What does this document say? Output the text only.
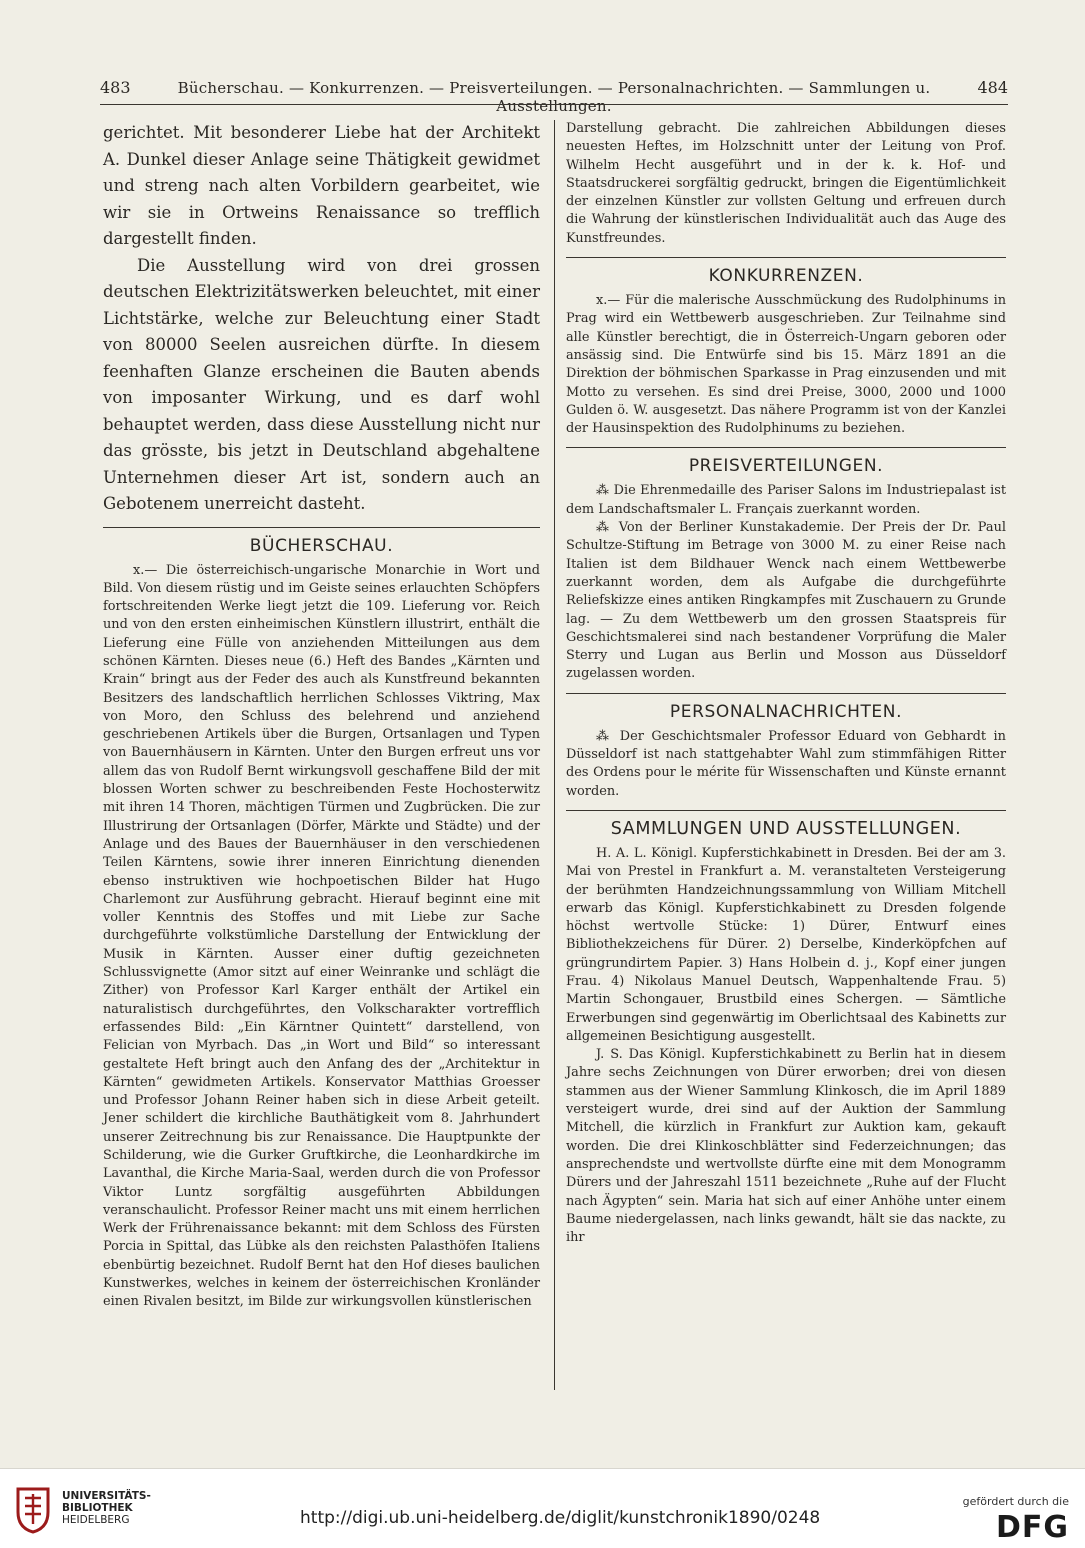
483	Bücherschau. — Konkurrenzen. — Preisverteilungen. — Personalnachrichten. — Sammlungen u. Ausstellungen.
484

gerichtet. Mit besonderer Liebe hat der Architekt A. Dunkel dieser Anlage seine Thätigkeit gewidmet und streng nach alten Vorbildern gearbeitet, wie wir sie in Ortweins Renaissance so trefflich dargestellt finden.

Die Ausstellung wird von drei grossen deutschen Elektrizitätswerken beleuchtet, mit einer Lichtstärke, welche zur Beleuchtung einer Stadt von 80000 Seelen ausreichen dürfte. In diesem feenhaften Glanze erscheinen die Bauten abends von imposanter Wirkung, und es darf wohl behauptet werden, dass diese Ausstellung nicht nur das grösste, bis jetzt in Deutschland abgehaltene Unternehmen dieser Art ist, sondern auch an Gebotenem unerreicht dasteht.

BÜCHERSCHAU.

x.— Die österreichisch-ungarische Monarchie in Wort und Bild. Von diesem rüstig und im Geiste seines erlauchten Schöpfers fortschreitenden Werke liegt jetzt die 109. Lieferung vor. Reich und von den ersten einheimischen Künstlern illustrirt, enthält die Lieferung eine Fülle von anziehenden Mitteilungen aus dem schönen Kärnten. Dieses neue (6.) Heft des Bandes „Kärnten und Krain“ bringt aus der Feder des auch als Kunstfreund bekannten Besitzers des landschaftlich herrlichen Schlosses Viktring, Max von Moro, den Schluss des belehrend und anziehend geschriebenen Artikels über die Burgen, Ortsanlagen und Typen von Bauernhäusern in Kärnten. Unter den Burgen erfreut uns vor allem das von Rudolf Bernt wirkungsvoll geschaffene Bild der mit blossen Worten schwer zu beschreibenden Feste Hochosterwitz mit ihren 14 Thoren, mächtigen Türmen und Zugbrücken. Die zur Illustrirung der Ortsanlagen (Dörfer, Märkte und Städte) und der Anlage und des Baues der Bauernhäuser in den verschiedenen Teilen Kärntens, sowie ihrer inneren Einrichtung dienenden ebenso instruktiven wie hochpoetischen Bilder hat Hugo Charlemont zur Ausführung gebracht. Hierauf beginnt eine mit voller Kenntnis des Stoffes und mit Liebe zur Sache durchgeführte volkstümliche Darstellung der Entwicklung der Musik in Kärnten. Ausser einer duftig gezeichneten Schlussvignette (Amor sitzt auf einer Weinranke und schlägt die Zither) von Professor Karl Karger enthält der Artikel ein naturalistisch durchgeführtes, den Volkscharakter vortrefflich erfassendes Bild: „Ein Kärntner Quintett“ darstellend, von Felician von Myrbach. Das „in Wort und Bild“ so interessant gestaltete Heft bringt auch den Anfang des der „Architektur in Kärnten“ gewidmeten Artikels. Konservator Matthias Groesser und Professor Johann Reiner haben sich in diese Arbeit geteilt. Jener schildert die kirchliche Bauthätigkeit vom 8. Jahrhundert unserer Zeitrechnung bis zur Renaissance. Die Hauptpunkte der Schilderung, wie die Gurker Gruftkirche, die Leonhardkirche im Lavanthal, die Kirche Maria-Saal, werden durch die von Professor Viktor Luntz sorgfältig ausgeführten Abbildungen veranschaulicht. Professor Reiner macht uns mit einem herrlichen Werk der Frührenaissance bekannt: mit dem Schloss des Fürsten Porcia in Spittal, das Lübke als den reichsten Palasthöfen Italiens ebenbürtig bezeichnet. Rudolf Bernt hat den Hof dieses baulichen Kunstwerkes, welches in keinem der österreichischen Kronländer einen Rivalen besitzt, im Bilde zur wirkungsvollen künstlerischen

Darstellung gebracht. Die zahlreichen Abbildungen dieses neuesten Heftes, im Holzschnitt unter der Leitung von Prof. Wilhelm Hecht ausgeführt und in der k. k. Hof- und Staatsdruckerei sorgfältig gedruckt, bringen die Eigentümlichkeit der einzelnen Künstler zur vollsten Geltung und erfreuen durch die Wahrung der künstlerischen Individualität auch das Auge des Kunstfreundes.

KONKURRENZEN.

x.— Für die malerische Ausschmückung des Rudolphinums in Prag wird ein Wettbewerb ausgeschrieben. Zur Teilnahme sind alle Künstler berechtigt, die in Österreich-Ungarn geboren oder ansässig sind. Die Entwürfe sind bis 15. März 1891 an die Direktion der böhmischen Sparkasse in Prag einzusenden und mit Motto zu versehen. Es sind drei Preise, 3000, 2000 und 1000 Gulden ö. W. ausgesetzt. Das nähere Programm ist von der Kanzlei der Hausinspektion des Rudolphinums zu beziehen.

PREISVERTEILUNGEN.

⁂ Die Ehrenmedaille des Pariser Salons im Industriepalast ist dem Landschaftsmaler L. Français zuerkannt worden.

⁂ Von der Berliner Kunstakademie. Der Preis der Dr. Paul Schultze-Stiftung im Betrage von 3000 M. zu einer Reise nach Italien ist dem Bildhauer Wenck nach einem Wettbewerbe zuerkannt worden, dem als Aufgabe die durchgeführte Reliefskizze eines antiken Ringkampfes mit Zuschauern zu Grunde lag. — Zu dem Wettbewerb um den grossen Staatspreis für Geschichtsmalerei sind nach bestandener Vorprüfung die Maler Sterry und Lugan aus Berlin und Mosson aus Düsseldorf zugelassen worden.

PERSONALNACHRICHTEN.

⁂ Der Geschichtsmaler Professor Eduard von Gebhardt in Düsseldorf ist nach stattgehabter Wahl zum stimmfähigen Ritter des Ordens pour le mérite für Wissenschaften und Künste ernannt worden.

SAMMLUNGEN UND AUSSTELLUNGEN.

H. A. L. Königl. Kupferstichkabinett in Dresden. Bei der am 3. Mai von Prestel in Frankfurt a. M. veranstalteten Versteigerung der berühmten Handzeichnungssammlung von William Mitchell erwarb das Königl. Kupferstichkabinett zu Dresden folgende höchst wertvolle Stücke: 1) Dürer, Entwurf eines Bibliothekzeichens für Dürer. 2) Derselbe, Kinderköpfchen auf grüngrundirtem Papier. 3) Hans Holbein d. j., Kopf einer jungen Frau. 4) Nikolaus Manuel Deutsch, Wappenhaltende Frau. 5) Martin Schongauer, Brustbild eines Schergen. — Sämtliche Erwerbungen sind gegenwärtig im Oberlichtsaal des Kabinetts zur allgemeinen Besichtigung ausgestellt.

J. S. Das Königl. Kupferstichkabinett zu Berlin hat in diesem Jahre sechs Zeichnungen von Dürer erworben; drei von diesen stammen aus der Wiener Sammlung Klinkosch, die im April 1889 versteigert wurde, drei sind auf der Auktion der Sammlung Mitchell, die kürzlich in Frankfurt zur Auktion kam, gekauft worden. Die drei Klinkoschblätter sind Federzeichnungen; das ansprechendste und wertvollste dürfte eine mit dem Monogramm Dürers und der Jahreszahl 1511 bezeichnete „Ruhe auf der Flucht nach Ägypten“ sein. Maria hat sich auf einer Anhöhe unter einem Baume niedergelassen, nach links gewandt, hält sie das nackte, zu ihr

UNIVERSITÄTS-
BIBLIOTHEK
HEIDELBERG	http://digi.ub.uni-heidelberg.de/diglit/kunstchronik1890/0248
gefördert durch die
DFG
